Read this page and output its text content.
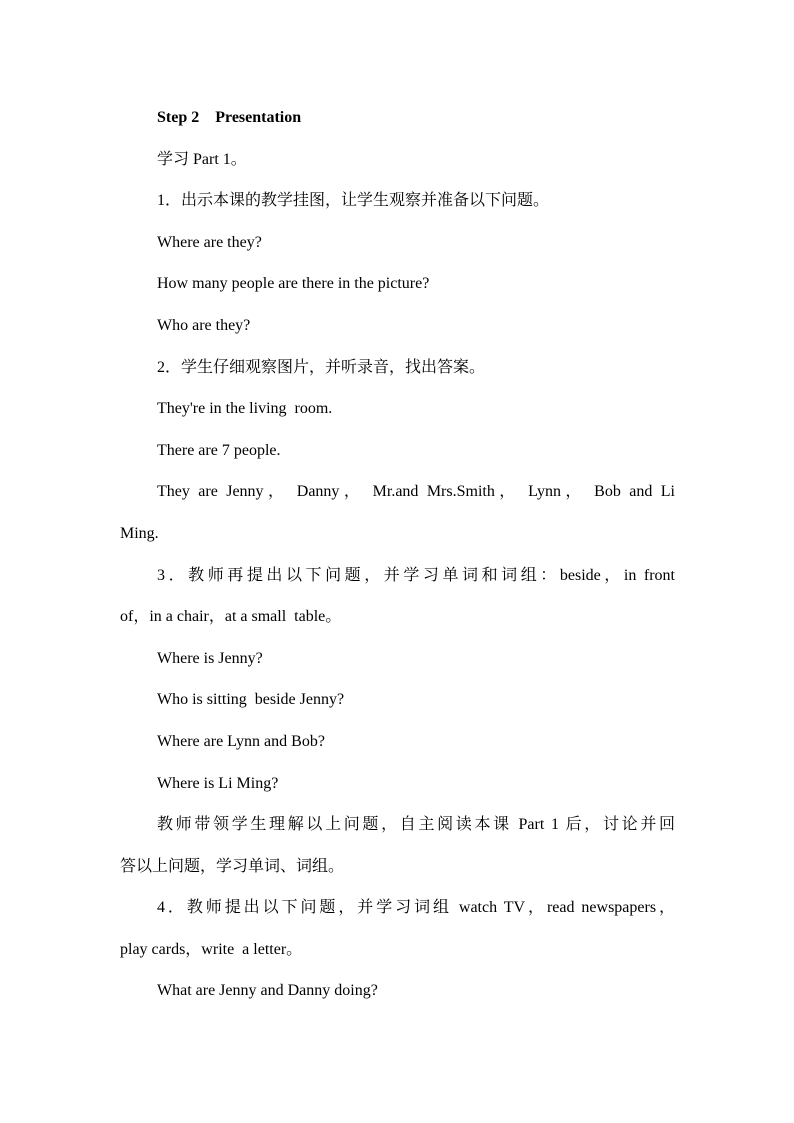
Step 2    Presentation

学习 Part 1。

1．出示本课的教学挂图，让学生观察并准备以下问题。

Where are they?

How many people are there in the picture?

Who are they?

2．学生仔细观察图片，并听录音，找出答案。

They're in the living  room.

There are 7 people.

They are Jenny， Danny， Mr.and Mrs.Smith， Lynn， Bob and Li

Ming.

3．教师再提出以下问题，并学习单词和词组：beside，in front

of，in a chair，at a small  table。

Where is Jenny?

Who is sitting  beside Jenny?

Where are Lynn and Bob?

Where is Li Ming?

教师带领学生理解以上问题，自主阅读本课 Part 1 后，讨论并回

答以上问题，学习单词、词组。

4．教师提出以下问题，并学习词组 watch TV，read newspapers，

play cards，write  a letter。

What are Jenny and Danny doing?
